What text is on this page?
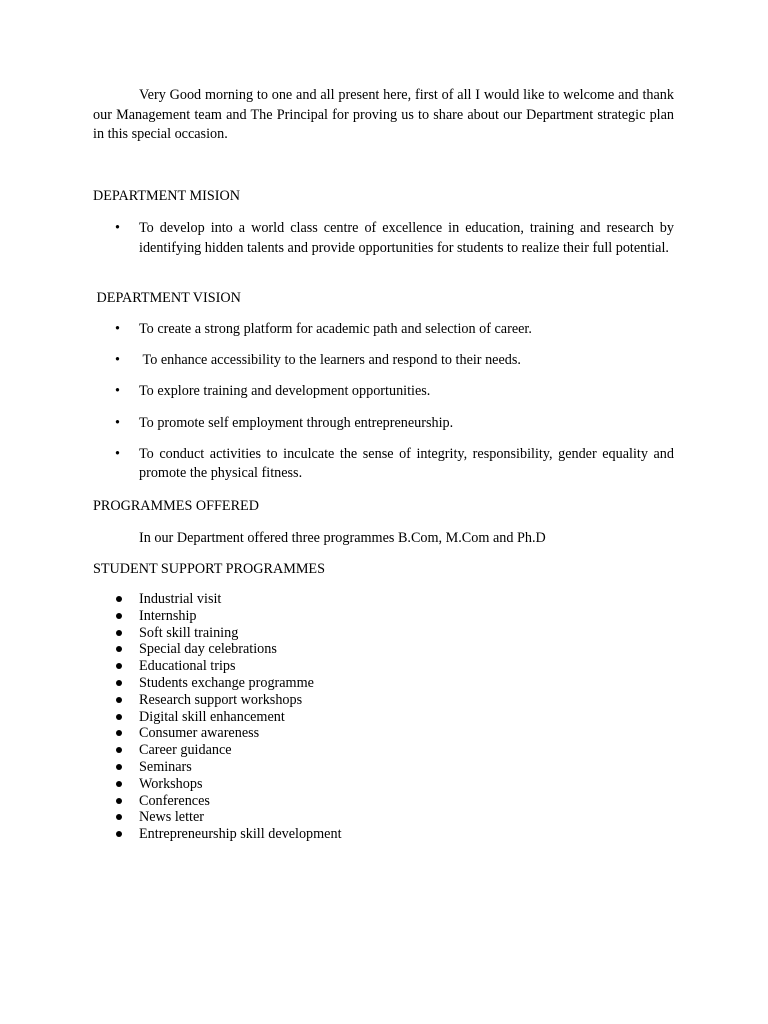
Very Good morning to one and all present here, first of all I would like to welcome and thank our Management team and The Principal for proving us to share about our Department strategic plan in this special occasion.

DEPARTMENT MISION

•	To develop into a world class centre of excellence in education, training and research by identifying hidden talents and provide opportunities for students to realize their full potential.

DEPARTMENT VISION

•	To create a strong platform for academic path and selection of career.
•	To enhance accessibility to the learners and respond to their needs.
•	To explore training and development opportunities.
•	To promote self employment through entrepreneurship.
•	To conduct activities to inculcate the sense of integrity, responsibility, gender equality and promote the physical fitness.

PROGRAMMES OFFERED

In our Department offered three programmes B.Com, M.Com and Ph.D

STUDENT SUPPORT PROGRAMMES

Industrial visit
Internship
Soft skill training
Special day celebrations
Educational trips
Students exchange programme
Research support workshops
Digital skill enhancement
Consumer awareness
Career guidance
Seminars
Workshops
Conferences
News letter
Entrepreneurship skill development
